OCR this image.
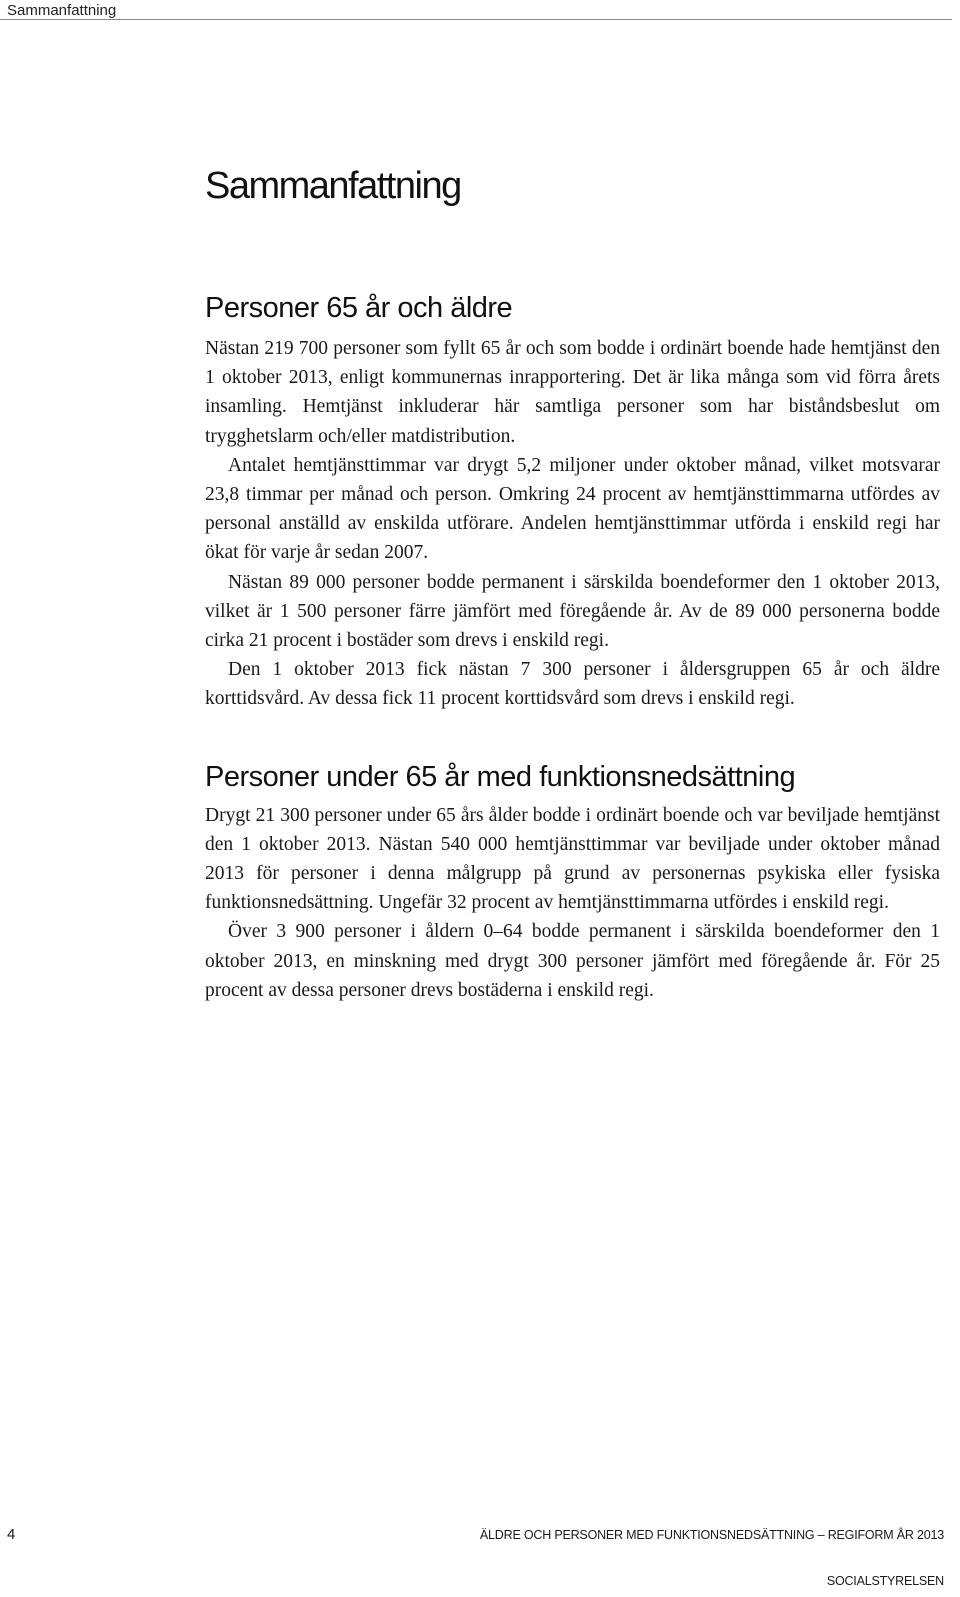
Sammanfattning
Sammanfattning
Personer 65 år och äldre

Nästan 219 700 personer som fyllt 65 år och som bodde i ordinärt boende hade hemtjänst den 1 oktober 2013, enligt kommunernas inrapportering. Det är lika många som vid förra årets insamling. Hemtjänst inkluderar här samtliga personer som har biståndsbeslut om trygghetslarm och/eller matdistribution.

Antalet hemtjänsttimmar var drygt 5,2 miljoner under oktober månad, vilket motsvarar 23,8 timmar per månad och person. Omkring 24 procent av hemtjänsttimmarna utfördes av personal anställd av enskilda utförare. Andelen hemtjänsttimmar utförda i enskild regi har ökat för varje år sedan 2007.

Nästan 89 000 personer bodde permanent i särskilda boendeformer den 1 oktober 2013, vilket är 1 500 personer färre jämfört med föregående år. Av de 89 000 personerna bodde cirka 21 procent i bostäder som drevs i enskild regi.

Den 1 oktober 2013 fick nästan 7 300 personer i åldersgruppen 65 år och äldre korttidsvård. Av dessa fick 11 procent korttidsvård som drevs i enskild regi.

Personer under 65 år med funktionsnedsättning

Drygt 21 300 personer under 65 års ålder bodde i ordinärt boende och var beviljade hemtjänst den 1 oktober 2013. Nästan 540 000 hemtjänsttimmar var beviljade under oktober månad 2013 för personer i denna målgrupp på grund av personernas psykiska eller fysiska funktionsnedsättning. Ungefär 32 procent av hemtjänsttimmarna utfördes i enskild regi.

Över 3 900 personer i åldern 0–64 bodde permanent i särskilda boendeformer den 1 oktober 2013, en minskning med drygt 300 personer jämfört med föregående år. För 25 procent av dessa personer drevs bostäderna i enskild regi.

4	ÄLDRE OCH PERSONER MED FUNKTIONSNEDSÄTTNING – REGIFORM ÅR 2013
SOCIALSTYRELSEN
